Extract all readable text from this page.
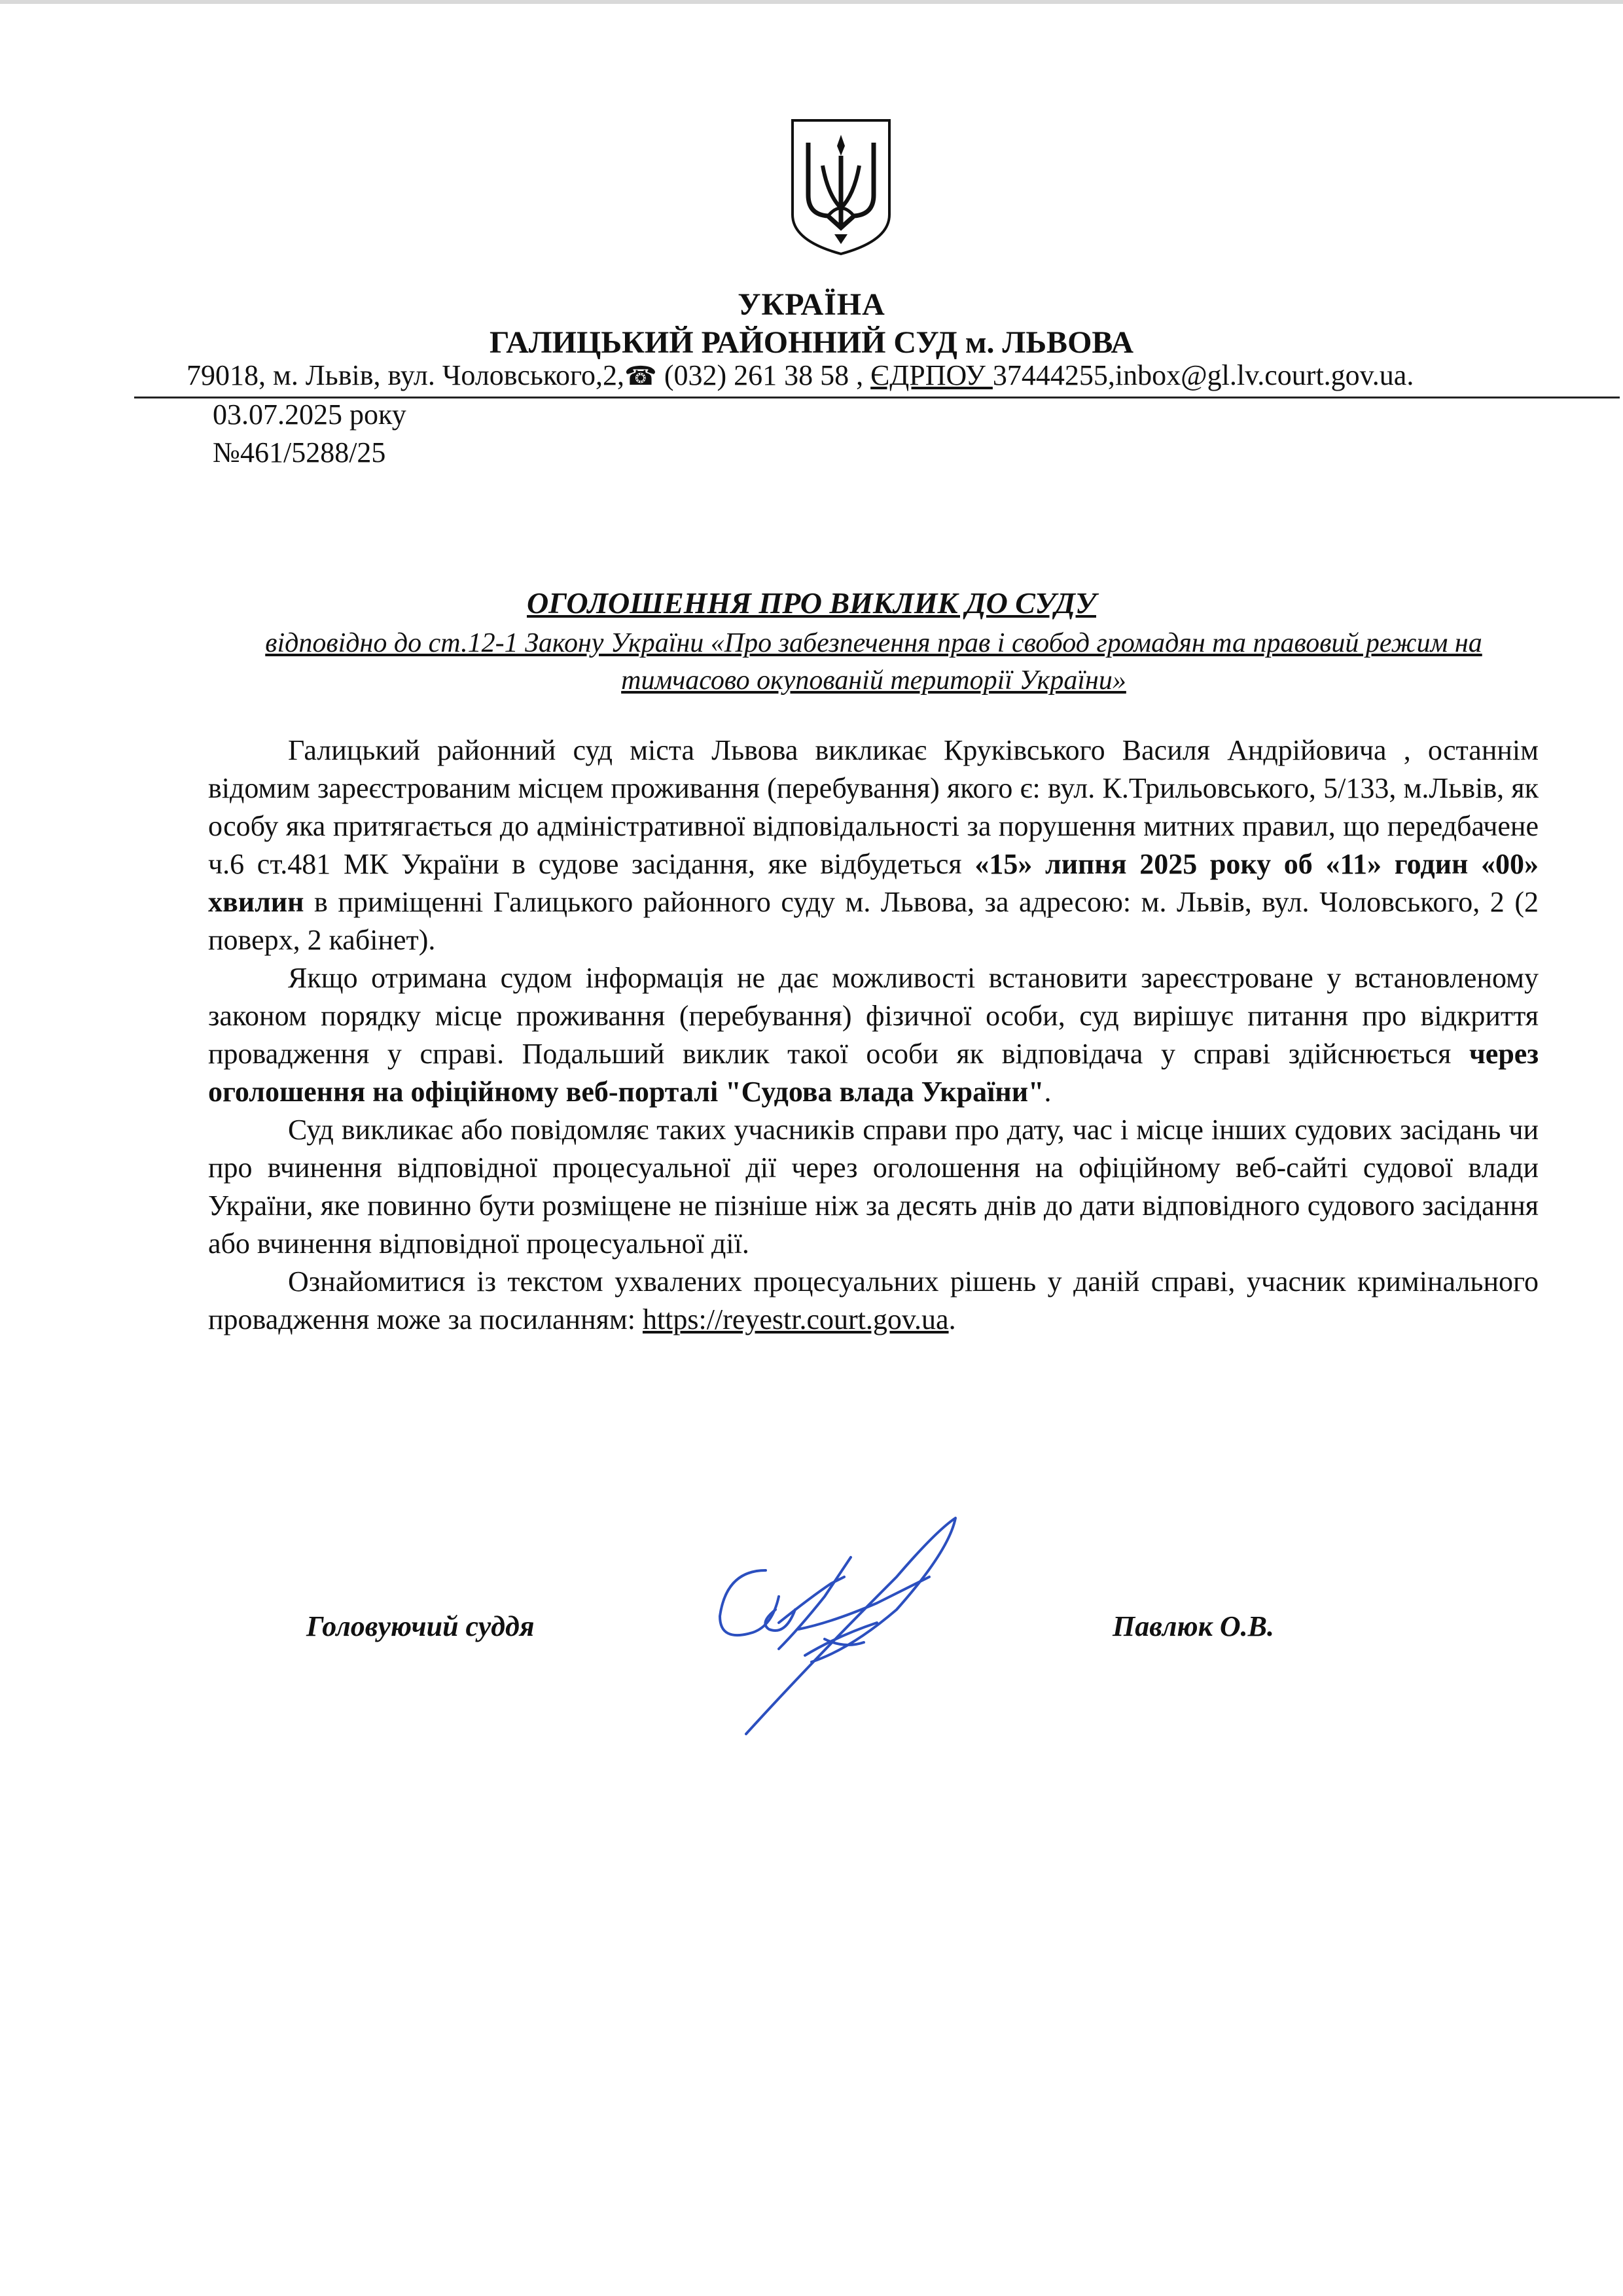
УКРАЇНА
ГАЛИЦЬКИЙ РАЙОННИЙ СУД м. ЛЬВОВА
79018, м. Львів, вул. Чоловського,2,☎ (032) 261 38 58 , ЄДРПОУ 37444255,inbox@gl.lv.court.gov.ua.
03.07.2025 року
№461/5288/25
ОГОЛОШЕННЯ ПРО ВИКЛИК ДО СУДУ
відповідно до ст.12-1 Закону України «Про забезпечення прав і свобод громадян та правовий режим на тимчасово окупованій території України»

Галицький районний суд міста Львова викликає Круківського Василя Андрійовича , останнім відомим зареєстрованим місцем проживання (перебування) якого є: вул. К.Трильовського, 5/133, м.Львів, як особу яка притягається до адміністративної відповідальності за порушення митних правил, що передбачене ч.6 ст.481 МК України в судове засідання, яке відбудеться «15» липня 2025 року об «11» годин «00» хвилин в приміщенні Галицького районного суду м. Львова, за адресою: м. Львів, вул. Чоловського, 2 (2 поверх, 2 кабінет).

Якщо отримана судом інформація не дає можливості встановити зареєстроване у встановленому законом порядку місце проживання (перебування) фізичної особи, суд вирішує питання про відкриття провадження у справі. Подальший виклик такої особи як відповідача у справі здійснюється через оголошення на офіційному веб-порталі "Судова влада України".

Суд викликає або повідомляє таких учасників справи про дату, час і місце інших судових засідань чи про вчинення відповідної процесуальної дії через оголошення на офіційному веб-сайті судової влади України, яке повинно бути розміщене не пізніше ніж за десять днів до дати відповідного судового засідання або вчинення відповідної процесуальної дії.

Ознайомитися із текстом ухвалених процесуальних рішень у даній справі, учасник кримінального провадження може за посиланням: https://reyestr.court.gov.ua.

Головуючий суддя	Павлюк О.В.
